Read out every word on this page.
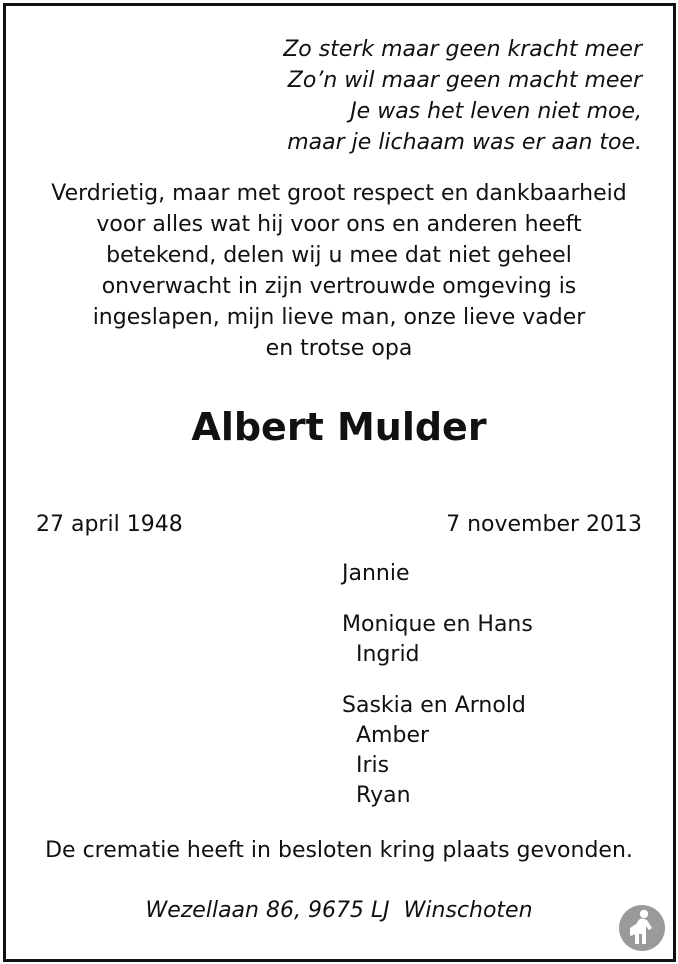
Zo sterk maar geen kracht meer
Zo’n wil maar geen macht meer
Je was het leven niet moe,
maar je lichaam was er aan toe.
Verdrietig, maar met groot respect en dankbaarheid
voor alles wat hij voor ons en anderen heeft
betekend, delen wij u mee dat niet geheel
onverwacht in zijn vertrouwde omgeving is
ingeslapen, mijn lieve man, onze lieve vader
en trotse opa
Albert Mulder
27 april 1948	7 november 2013
Jannie
Monique en Hans
Ingrid
Saskia en Arnold
Amber
Iris
Ryan
De crematie heeft in besloten kring plaats gevonden.
Wezellaan 86, 9675 LJ  Winschoten
